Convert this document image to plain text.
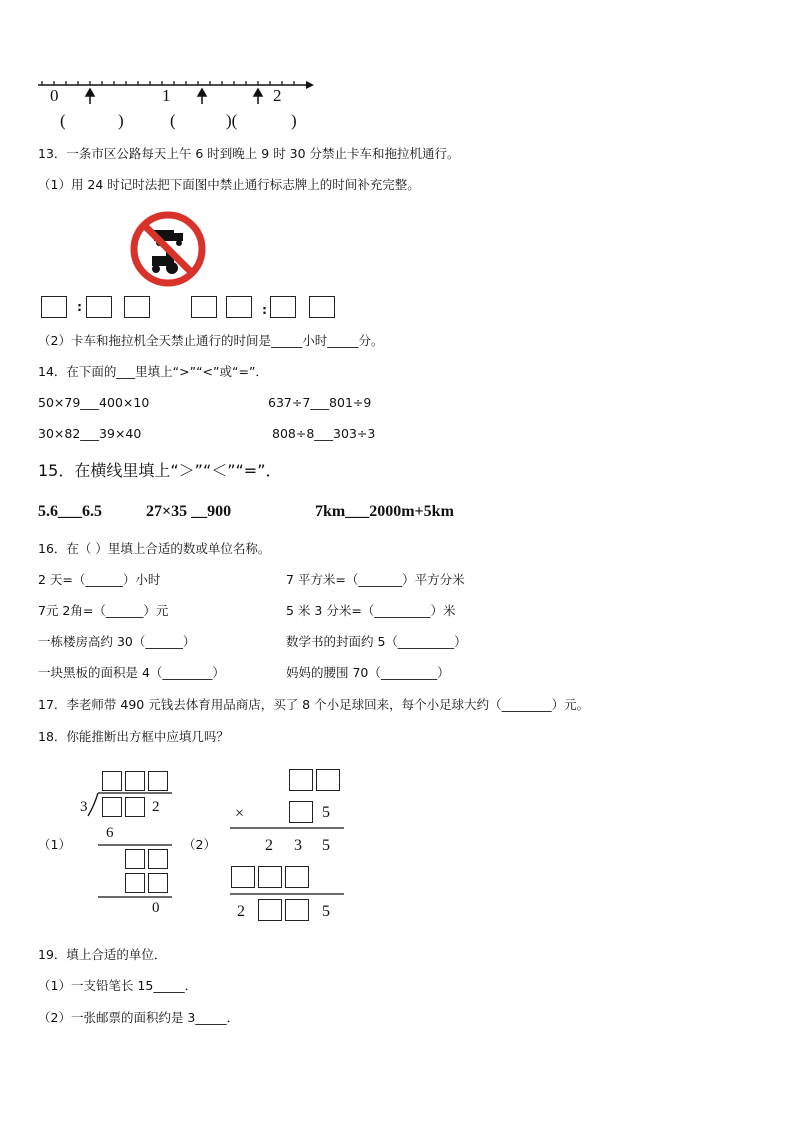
0	1	2
(	)	(	)(	)
13．一条市区公路每天上午 6 时到晚上 9 时 30 分禁止卡车和拖拉机通行。
（1）用 24 时记时法把下面图中禁止通行标志牌上的时间补充完整。
:	:
（2）卡车和拖拉机全天禁止通行的时间是_____小时_____分。
14．在下面的___里填上“>”“<”或“=”．
50×79___400×10	637÷7___801÷9
30×82___39×40	808÷8___303÷3
15．在横线里填上“＞”“＜”“=”．
5.6___6.5	27×35 __900	7km___2000m+5km
16．在（ ）里填上合适的数或单位名称。
2 天=（______）小时	7 平方米=（_______）平方分米
7元 2角=（______）元	5 米 3 分米=（_________）米
一栋楼房高约 30（______）	数学书的封面约 5（_________）
一块黑板的面积是 4（________）	妈妈的腰围 70（_________）
17．李老师带 490 元钱去体育用品商店，买了 8 个小足球回来，每个小足球大约（________）元。
18．你能推断出方框中应填几吗？
（1）	（2）
3	2
6
0
×	5
2 3 5
2	5
19．填上合适的单位．
（1）一支铅笔长 15_____．
（2）一张邮票的面积约是 3_____．
